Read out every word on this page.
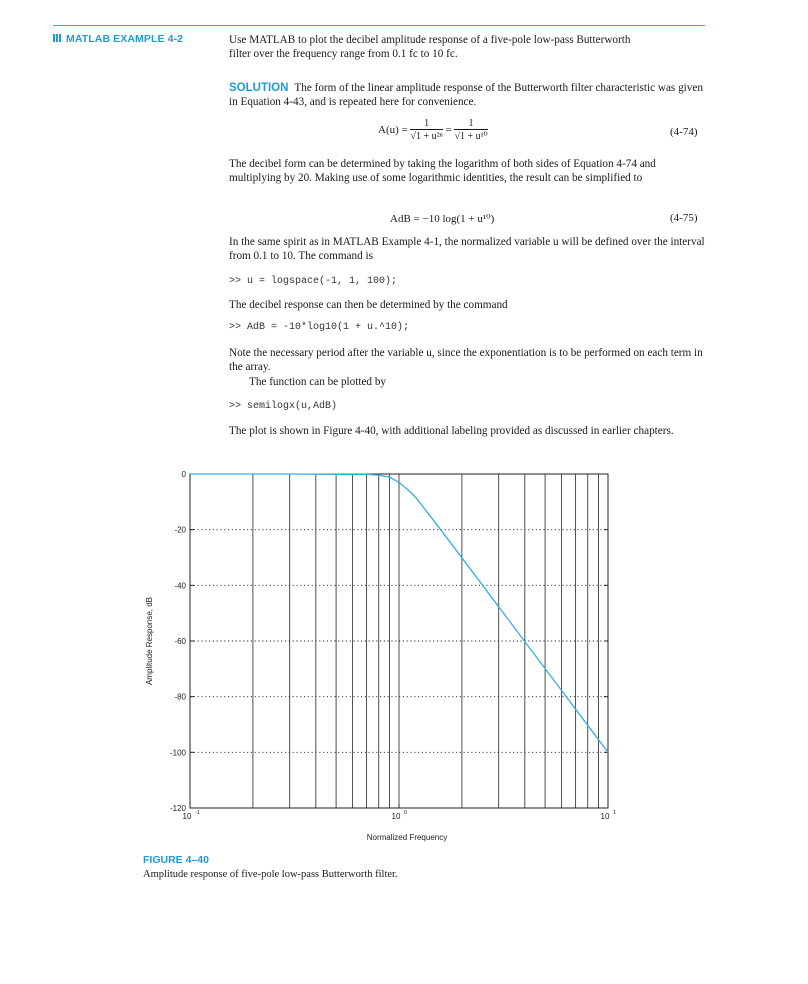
MATLAB EXAMPLE 4-2	Use MATLAB to plot the decibel amplitude response of a five-pole low-pass Butterworth
filter over the frequency range from 0.1 fc to 10 fc.
SOLUTION The form of the linear amplitude response of the Butterworth filter characteristic was given in Equation 4-43, and is repeated here for convenience.
$A(u) = \frac{1}{\text{√1 + u²ⁿ}} = \frac{1}{\text{√1 + u¹⁰}}$	(4-74)
The decibel form can be determined by taking the logarithm of both sides of Equation 4-74 and multiplying by 20. Making use of some logarithmic identities, the result can be simplified to
AdB = −10 log(1 + u¹⁰)	(4-75)
In the same spirit as in MATLAB Example 4-1, the normalized variable u will be defined over the interval from 0.1 to 10. The command is
>> u = logspace(-1, 1, 100);
The decibel response can then be determined by the command
>> AdB = -10*log10(1 + u.^10);
Note the necessary period after the variable u, since the exponentiation is to be performed on each term in the array.
The function can be plotted by
>> semilogx(u,AdB)
The plot is shown in Figure 4-40, with additional labeling provided as discussed in earlier chapters.
0
-20
-40
-60
-80
-100
-120
10 -1	10 0	10 1
Normalized Frequency
Amplitude Response, dB
FIGURE 4–40
Amplitude response of five-pole low-pass Butterworth filter.
